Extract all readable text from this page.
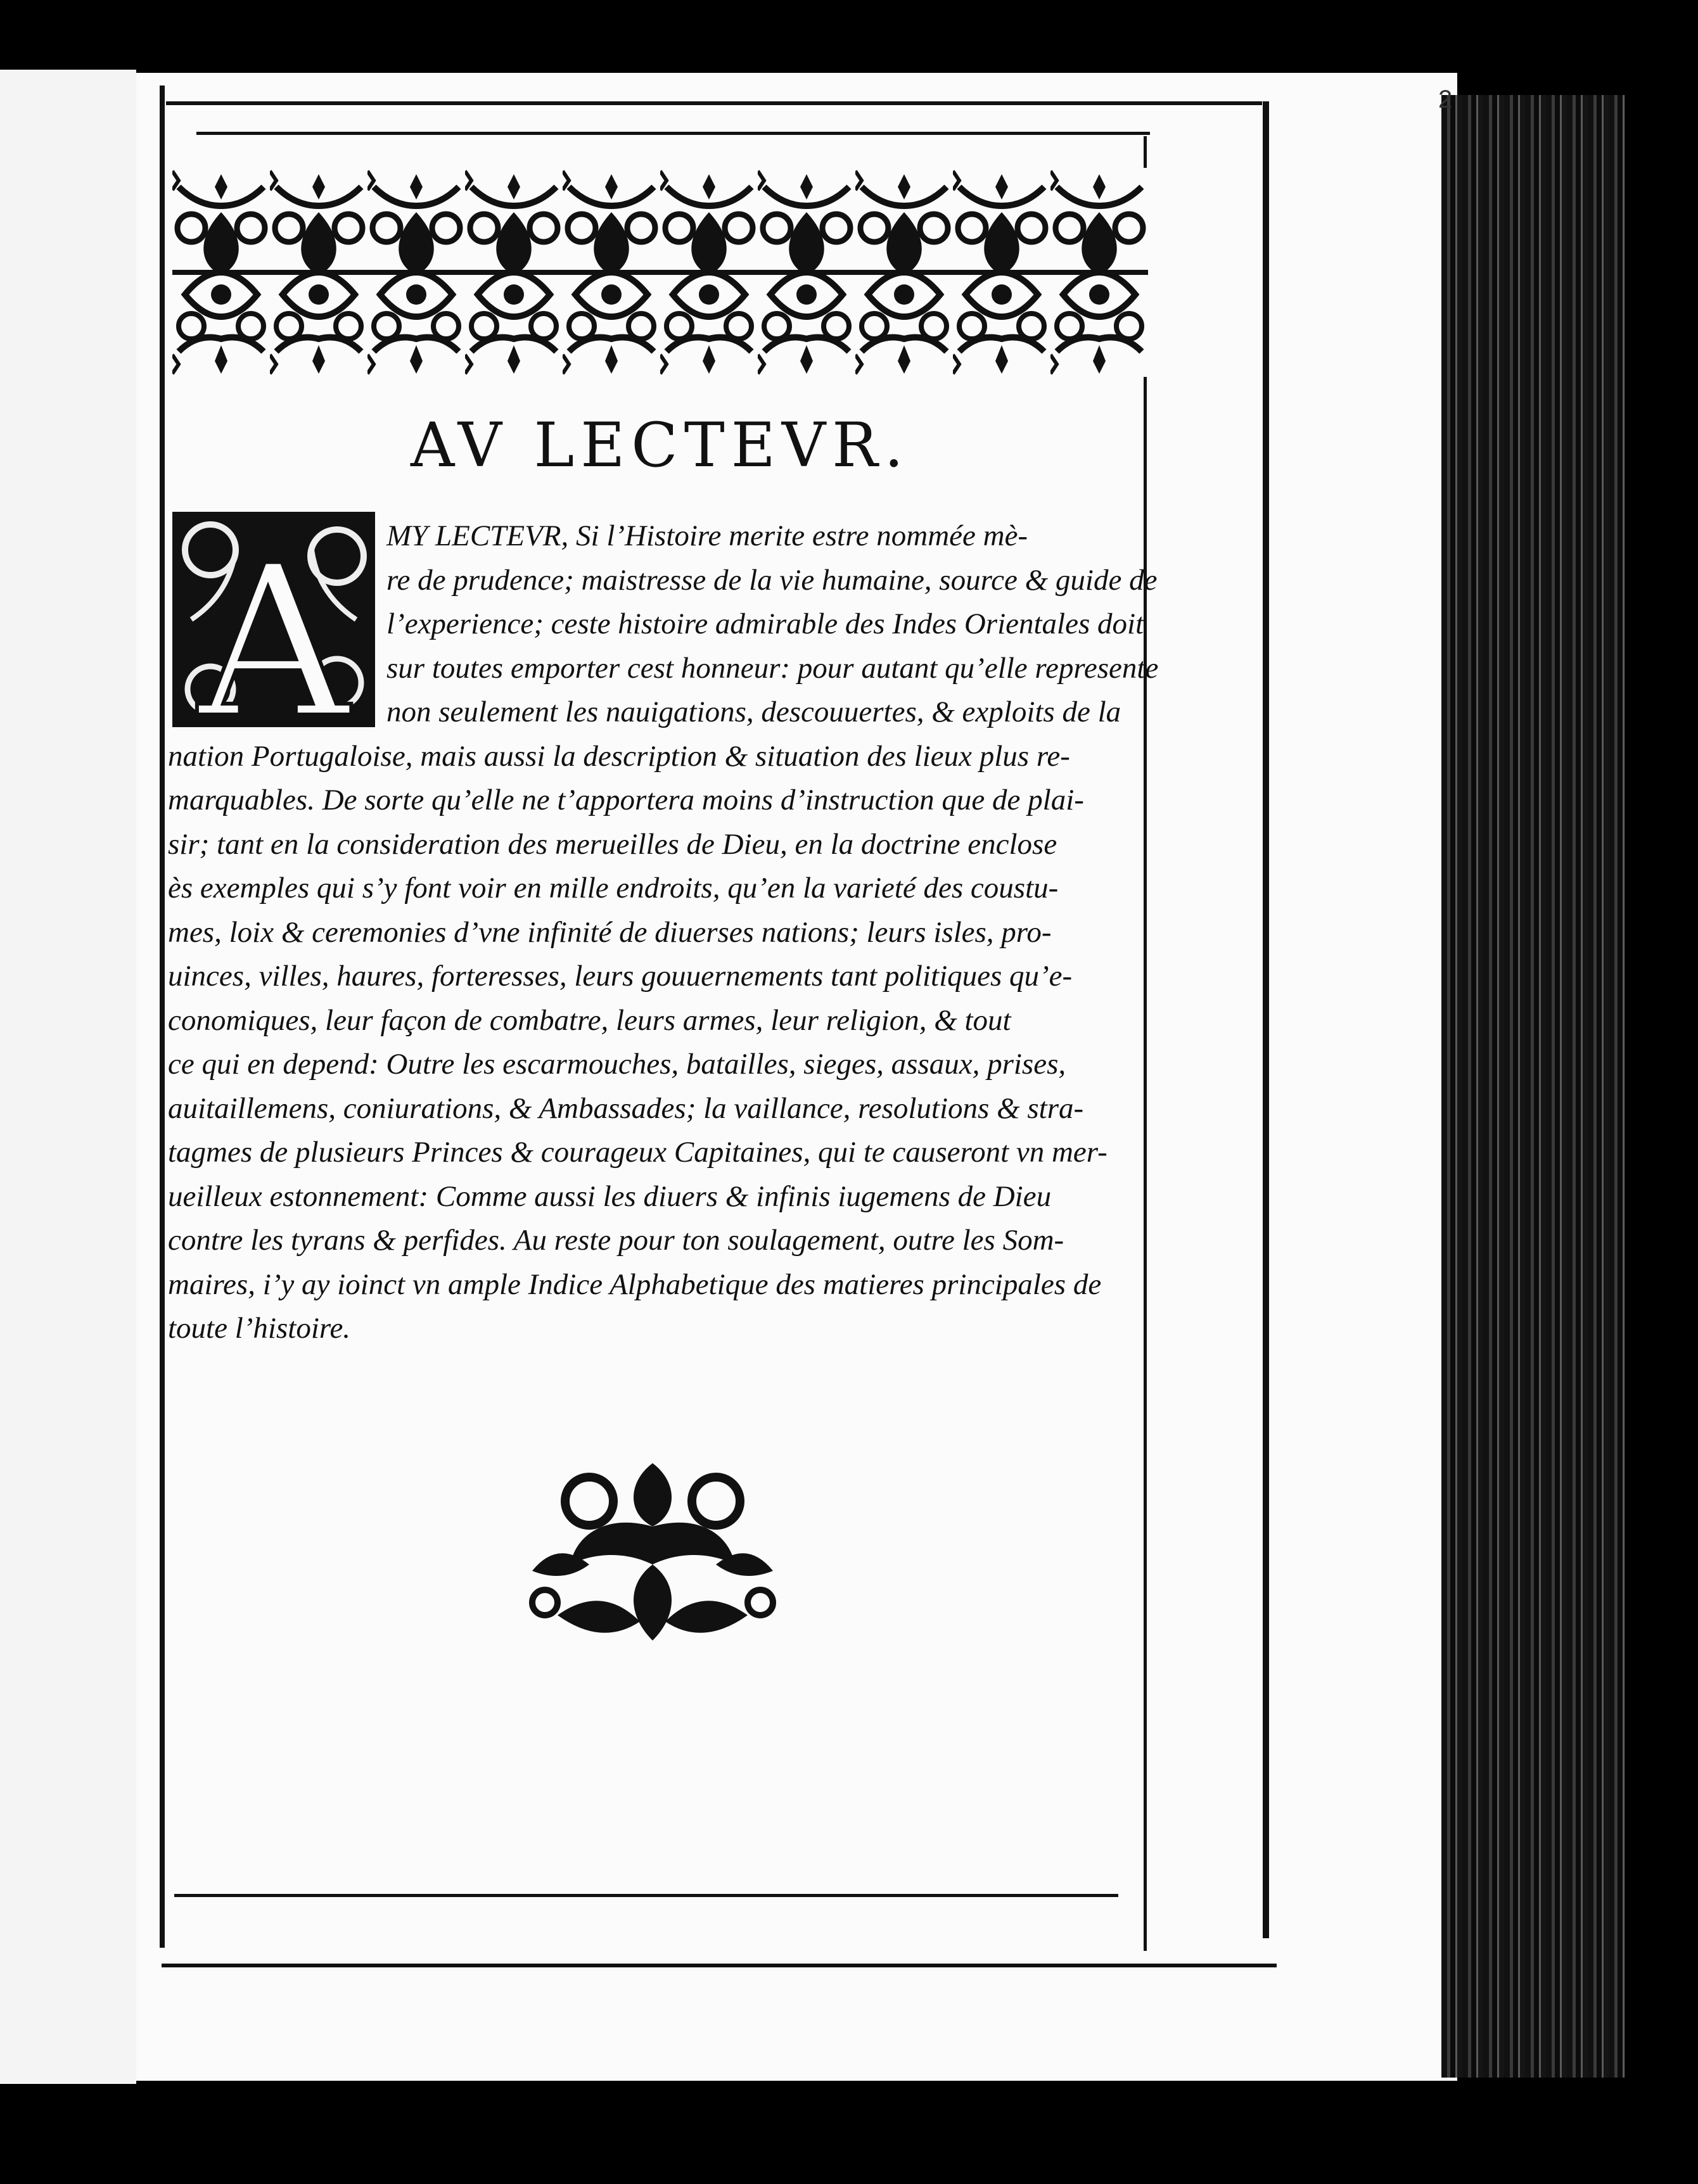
2
AV LECTEVR.
A	MY LECTEVR, Si l’Histoire merite estre nommée mè-
re de prudence; maistresse de la vie humaine, source & guide de
l’experience; ceste histoire admirable des Indes Orientales doit
sur toutes emporter cest honneur: pour autant qu’elle represente
non seulement les nauigations, descouuertes, & exploits de la
nation Portugaloise, mais aussi la description & situation des lieux plus re-
marquables. De sorte qu’elle ne t’apportera moins d’instruction que de plai-
sir; tant en la consideration des merueilles de Dieu, en la doctrine enclose
ès exemples qui s’y font voir en mille endroits, qu’en la varieté des coustu-
mes, loix & ceremonies d’vne infinité de diuerses nations; leurs isles, pro-
uinces, villes, haures, forteresses, leurs gouuernements tant politiques qu’e-
conomiques, leur façon de combatre, leurs armes, leur religion, & tout
ce qui en depend: Outre les escarmouches, batailles, sieges, assaux, prises,
auitaillemens, coniurations, & Ambassades; la vaillance, resolutions & stra-
tagmes de plusieurs Princes & courageux Capitaines, qui te causeront vn mer-
ueilleux estonnement: Comme aussi les diuers & infinis iugemens de Dieu
contre les tyrans & perfides. Au reste pour ton soulagement, outre les Som-
maires, i’y ay ioinct vn ample Indice Alphabetique des matieres principales de
toute l’histoire.
